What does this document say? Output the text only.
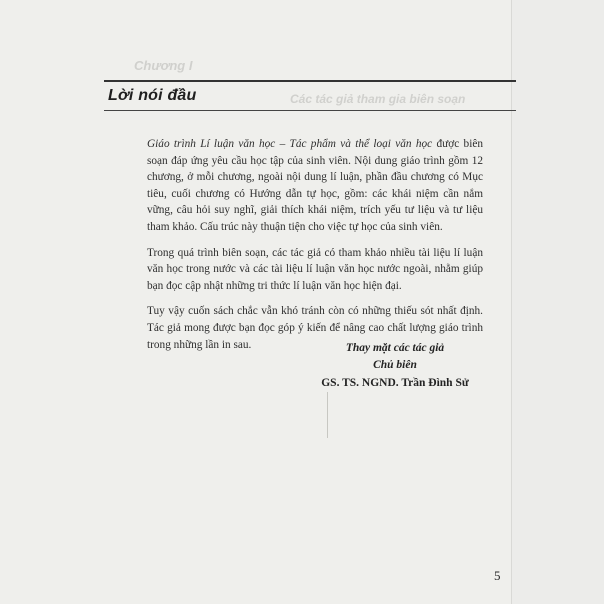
Chương I
Các tác giả tham gia biên soạn
Lời nói đầu

Giáo trình Lí luận văn học – Tác phẩm và thể loại văn học được biên soạn đáp ứng yêu cầu học tập của sinh viên. Nội dung giáo trình gồm 12 chương, ở mỗi chương, ngoài nội dung lí luận, phần đầu chương có Mục tiêu, cuối chương có Hướng dẫn tự học, gồm: các khái niệm cần nắm vững, câu hỏi suy nghĩ, giải thích khái niệm, trích yếu tư liệu và tư liệu tham khảo. Cấu trúc này thuận tiện cho việc tự học của sinh viên.

Trong quá trình biên soạn, các tác giả có tham khảo nhiều tài liệu lí luận văn học trong nước và các tài liệu lí luận văn học nước ngoài, nhằm giúp bạn đọc cập nhật những tri thức lí luận văn học hiện đại.

Tuy vậy cuốn sách chắc vẫn khó tránh còn có những thiếu sót nhất định. Tác giả mong được bạn đọc góp ý kiến để nâng cao chất lượng giáo trình trong những lần in sau.	Thay mặt các tác giả
Chủ biên
GS. TS. NGND. Trần Đình Sử
5
